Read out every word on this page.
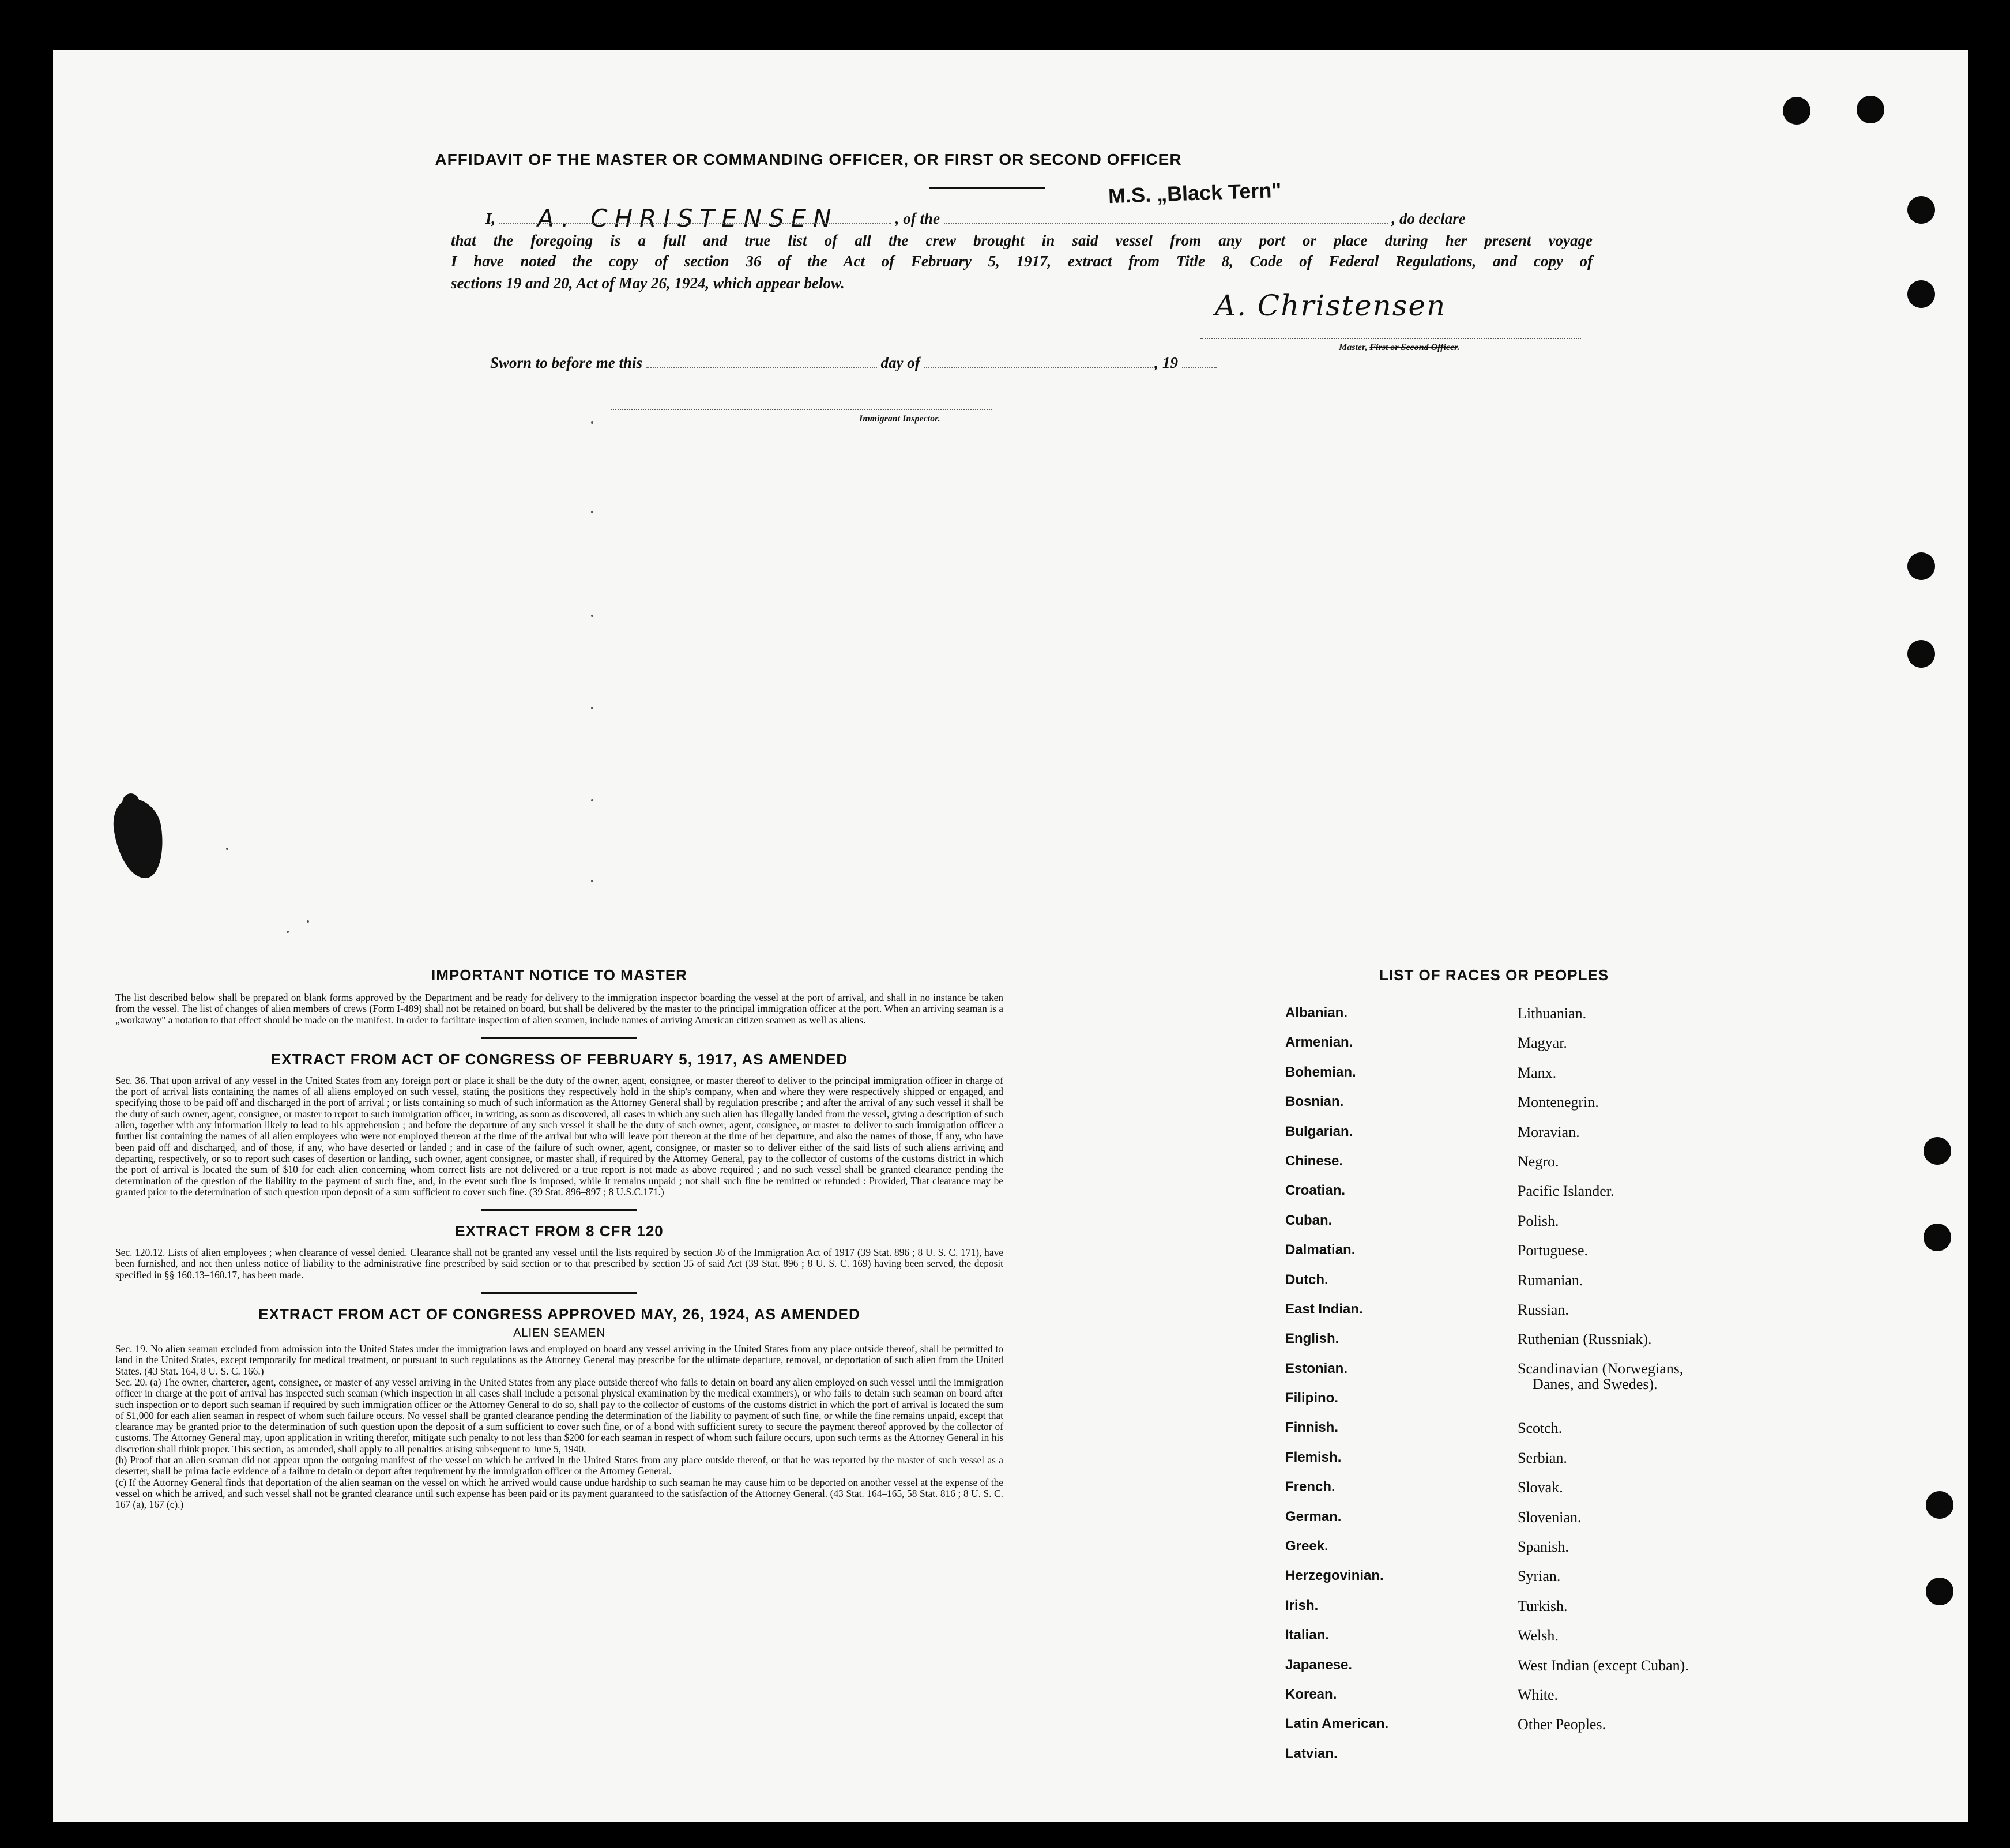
AFFIDAVIT OF THE MASTER OR COMMANDING OFFICER, OR FIRST OR SECOND OFFICER
M.S. „Black Tern"
A. CHRISTENSEN
I,	, of the	, do declare
that the foregoing is a full and true list of all the crew brought in said vessel from any port or place during her present voyage
I have noted the copy of section 36 of the Act of February 5, 1917, extract from Title 8, Code of Federal Regulations, and copy of
sections 19 and 20, Act of May 26, 1924, which appear below.
A. Christensen
Master, First or Second Officer.
Sworn to before me this	day of	, 19
Immigrant Inspector.
IMPORTANT NOTICE TO MASTER

The list described below shall be prepared on blank forms approved by the Department and be ready for delivery to the immigration inspector boarding the vessel at the port of arrival, and shall in no instance be taken from the vessel. The list of changes of alien members of crews (Form I-489) shall not be retained on board, but shall be delivered by the master to the principal immigration officer at the port. When an arriving seaman is a „workaway" a notation to that effect should be made on the manifest. In order to facilitate inspection of alien seamen, include names of arriving American citizen seamen as well as aliens.

EXTRACT FROM ACT OF CONGRESS OF FEBRUARY 5, 1917, AS AMENDED

Sec. 36. That upon arrival of any vessel in the United States from any foreign port or place it shall be the duty of the owner, agent, consignee, or master thereof to deliver to the principal immigration officer in charge of the port of arrival lists containing the names of all aliens employed on such vessel, stating the positions they respectively hold in the ship's company, when and where they were respectively shipped or engaged, and specifying those to be paid off and discharged in the port of arrival ; or lists containing so much of such information as the Attorney General shall by regulation prescribe ; and after the arrival of any such vessel it shall be the duty of such owner, agent, consignee, or master to report to such immigration officer, in writing, as soon as discovered, all cases in which any such alien has illegally landed from the vessel, giving a description of such alien, together with any information likely to lead to his apprehension ; and before the departure of any such vessel it shall be the duty of such owner, agent, consignee, or master to deliver to such immigration officer a further list containing the names of all alien employees who were not employed thereon at the time of the arrival but who will leave port thereon at the time of her departure, and also the names of those, if any, who have been paid off and discharged, and of those, if any, who have deserted or landed ; and in case of the failure of such owner, agent, consignee, or master so to deliver either of the said lists of such aliens arriving and departing, respectively, or so to report such cases of desertion or landing, such owner, agent consignee, or master shall, if required by the Attorney General, pay to the collector of customs of the customs district in which the port of arrival is located the sum of $10 for each alien concerning whom correct lists are not delivered or a true report is not made as above required ; and no such vessel shall be granted clearance pending the determination of the question of the liability to the payment of such fine, and, in the event such fine is imposed, while it remains unpaid ; not shall such fine be remitted or refunded : Provided, That clearance may be granted prior to the determination of such question upon deposit of a sum sufficient to cover such fine. (39 Stat. 896–897 ; 8 U.S.C.171.)

EXTRACT FROM 8 CFR 120

Sec. 120.12. Lists of alien employees ; when clearance of vessel denied. Clearance shall not be granted any vessel until the lists required by section 36 of the Immigration Act of 1917 (39 Stat. 896 ; 8 U. S. C. 171), have been furnished, and not then unless notice of liability to the administrative fine prescribed by said section or to that prescribed by section 35 of said Act (39 Stat. 896 ; 8 U. S. C. 169) having been served, the deposit specified in §§ 160.13–160.17, has been made.

EXTRACT FROM ACT OF CONGRESS APPROVED MAY, 26, 1924, AS AMENDED
ALIEN SEAMEN

Sec. 19. No alien seaman excluded from admission into the United States under the immigration laws and employed on board any vessel arriving in the United States from any place outside thereof, shall be permitted to land in the United States, except temporarily for medical treatment, or pursuant to such regulations as the Attorney General may prescribe for the ultimate departure, removal, or deportation of such alien from the United States. (43 Stat. 164, 8 U. S. C. 166.)

Sec. 20. (a) The owner, charterer, agent, consignee, or master of any vessel arriving in the United States from any place outside thereof who fails to detain on board any alien employed on such vessel until the immigration officer in charge at the port of arrival has inspected such seaman (which inspection in all cases shall include a personal physical examination by the medical examiners), or who fails to detain such seaman on board after such inspection or to deport such seaman if required by such immigration officer or the Attorney General to do so, shall pay to the collector of customs of the customs district in which the port of arrival is located the sum of $1,000 for each alien seaman in respect of whom such failure occurs. No vessel shall be granted clearance pending the determination of the liability to payment of such fine, or while the fine remains unpaid, except that clearance may be granted prior to the determination of such question upon the deposit of a sum sufficient to cover such fine, or of a bond with sufficient surety to secure the payment thereof approved by the collector of customs. The Attorney General may, upon application in writing therefor, mitigate such penalty to not less than $200 for each seaman in respect of whom such failure occurs, upon such terms as the Attorney General in his discretion shall think proper. This section, as amended, shall apply to all penalties arising subsequent to June 5, 1940.

(b) Proof that an alien seaman did not appear upon the outgoing manifest of the vessel on which he arrived in the United States from any place outside thereof, or that he was reported by the master of such vessel as a deserter, shall be prima facie evidence of a failure to detain or deport after requirement by the immigration officer or the Attorney General.

(c) If the Attorney General finds that deportation of the alien seaman on the vessel on which he arrived would cause undue hardship to such seaman he may cause him to be deported on another vessel at the expense of the vessel on which he arrived, and such vessel shall not be granted clearance until such expense has been paid or its payment guaranteed to the satisfaction of the Attorney General. (43 Stat. 164–165, 58 Stat. 816 ; 8 U. S. C. 167 (a), 167 (c).)

LIST OF RACES OR PEOPLES
Albanian.
Armenian.
Bohemian.
Bosnian.
Bulgarian.
Chinese.
Croatian.
Cuban.
Dalmatian.
Dutch.
East Indian.
English.
Estonian.
Filipino.
Finnish.
Flemish.
French.
German.
Greek.
Herzegovinian.
Irish.
Italian.
Japanese.
Korean.
Latin American.
Latvian.
Lithuanian.
Magyar.
Manx.
Montenegrin.
Moravian.
Negro.
Pacific Islander.
Polish.
Portuguese.
Rumanian.
Russian.
Ruthenian (Russniak).
Scandinavian (Norwegians,
Danes, and Swedes).
Scotch.
Serbian.
Slovak.
Slovenian.
Spanish.
Syrian.
Turkish.
Welsh.
West Indian (except Cuban).
White.
Other Peoples.
